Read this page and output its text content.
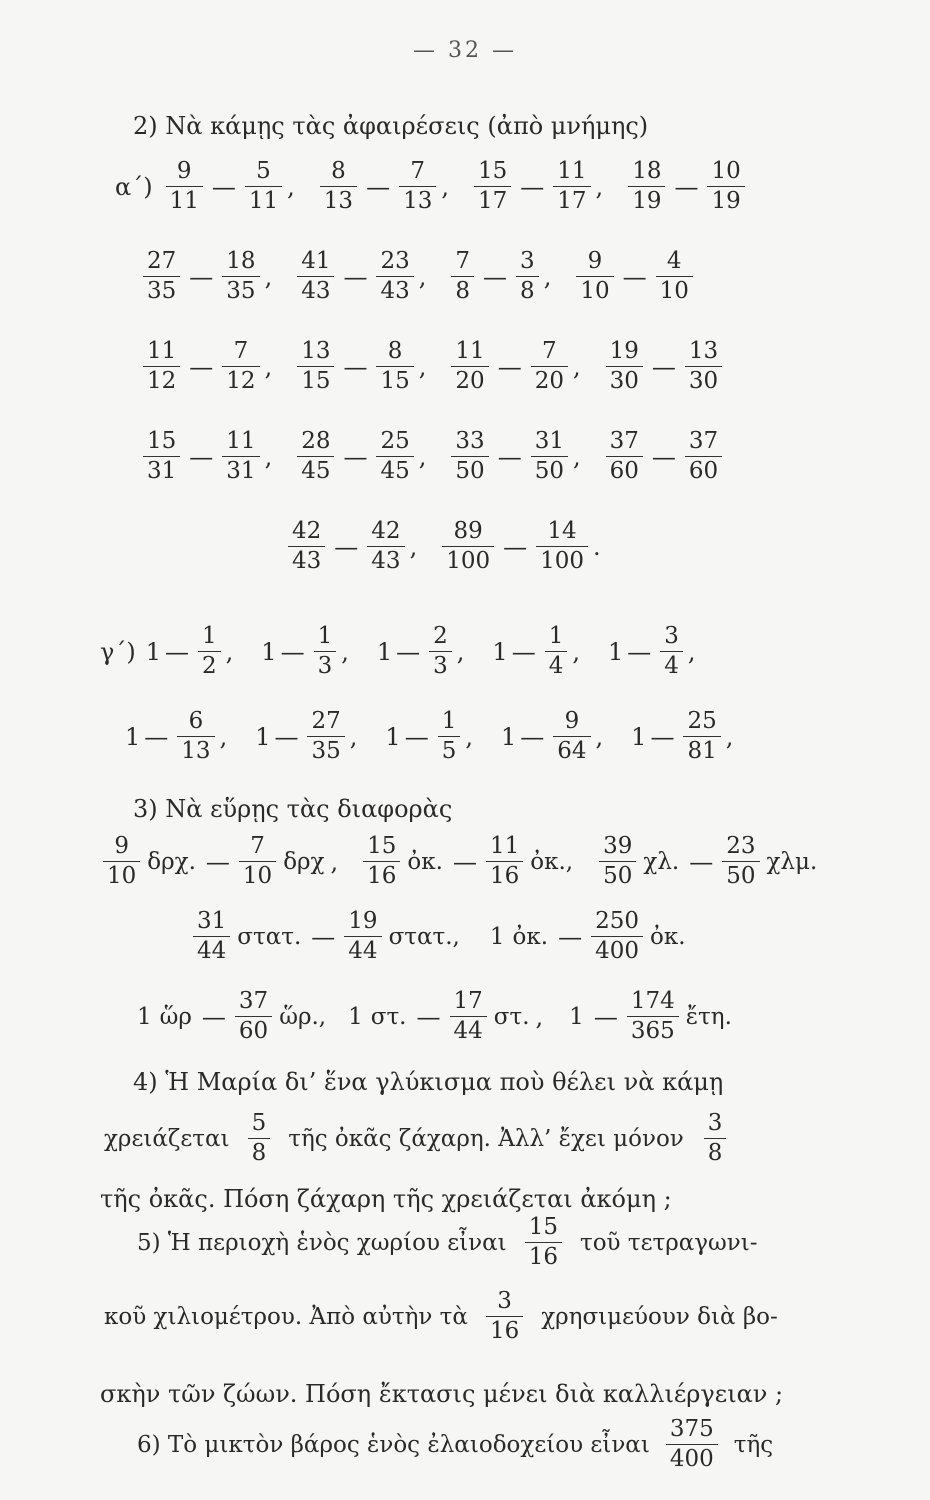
— 32 —
2) Νὰ κάμῃς τὰς ἀφαιρέσεις (ἀπὸ μνήμης)
α΄)
9
11
—
5
11
,
8
13
—
7
13
,
15
17
—
11
17
,
18
19
—
10
19
27
35
—
18
35
,
41
43
—
23
43
,
7
8
—
3
8
,
9
10
—
4
10
11
12
—
7
12
,
13
15
—
8
15
,
11
20
—
7
20
,
19
30
—
13
30
15
31
—
11
31
,
28
45
—
25
45
,
33
50
—
31
50
,
37
60
—
37
60
42
43
—
42
43
,
89
100
—
14
100
.
γ΄) 1 —
1
2
, 1 —
1
3
, 1 —
2
3
, 1 —
1
4
, 1 —
3
4
,
1 —
6
13
, 1 —
27
35
, 1 —
1
5
, 1 —
9
64
, 1 —
25
81
,
3) Νὰ εὕρῃς τὰς διαφορὰς
9
10
δρχ. —
7
10
δρχ ,
15
16
ὀκ. —
11
16
ὀκ.,
39
50
χλ. —
23
50
χλμ.
31
44
στατ. —
19
44
στατ., 1 ὀκ. —
250
400
ὀκ.
1 ὥρ —
37
60
ὥρ., 1 στ. —
17
44
στ. , 1 —
174
365
ἔτη.
4) Ἡ Μαρία δι’ ἕνα γλύκισμα ποὺ θέλει νὰ κάμῃ
χρειάζεται
5
8
τῆς ὀκᾶς ζάχαρη. Ἀλλ’ ἔχει μόνον
3
8
τῆς ὀκᾶς. Πόση ζάχαρη τῆς χρειάζεται ἀκόμη ;
5) Ἡ περιοχὴ ἑνὸς χωρίου εἶναι
15
16
τοῦ τετραγωνι-
κοῦ χιλιομέτρου. Ἀπὸ αὐτὴν τὰ
3
16
χρησιμεύουν διὰ βο-
σκὴν τῶν ζώων. Πόση ἔκτασις μένει διὰ καλλιέργειαν ;
6) Τὸ μικτὸν βάρος ἑνὸς ἐλαιοδοχείου εἶναι
375
400
τῆς
